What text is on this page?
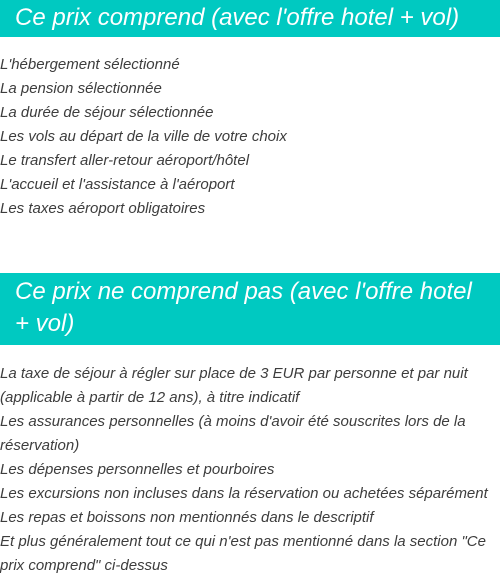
Ce prix comprend (avec l'offre hotel + vol)
L'hébergement sélectionné
La pension sélectionnée
La durée de séjour sélectionnée
Les vols au départ de la ville de votre choix
Le transfert aller-retour aéroport/hôtel
L'accueil et l'assistance à l'aéroport
Les taxes aéroport obligatoires
Ce prix ne comprend pas (avec l'offre hotel + vol)
La taxe de séjour à régler sur place de 3 EUR par personne et par nuit (applicable à partir de 12 ans), à titre indicatif
Les assurances personnelles (à moins d'avoir été souscrites lors de la réservation)
Les dépenses personnelles et pourboires
Les excursions non incluses dans la réservation ou achetées séparément
Les repas et boissons non mentionnés dans le descriptif
Et plus généralement tout ce qui n'est pas mentionné dans la section "Ce prix comprend" ci-dessus
